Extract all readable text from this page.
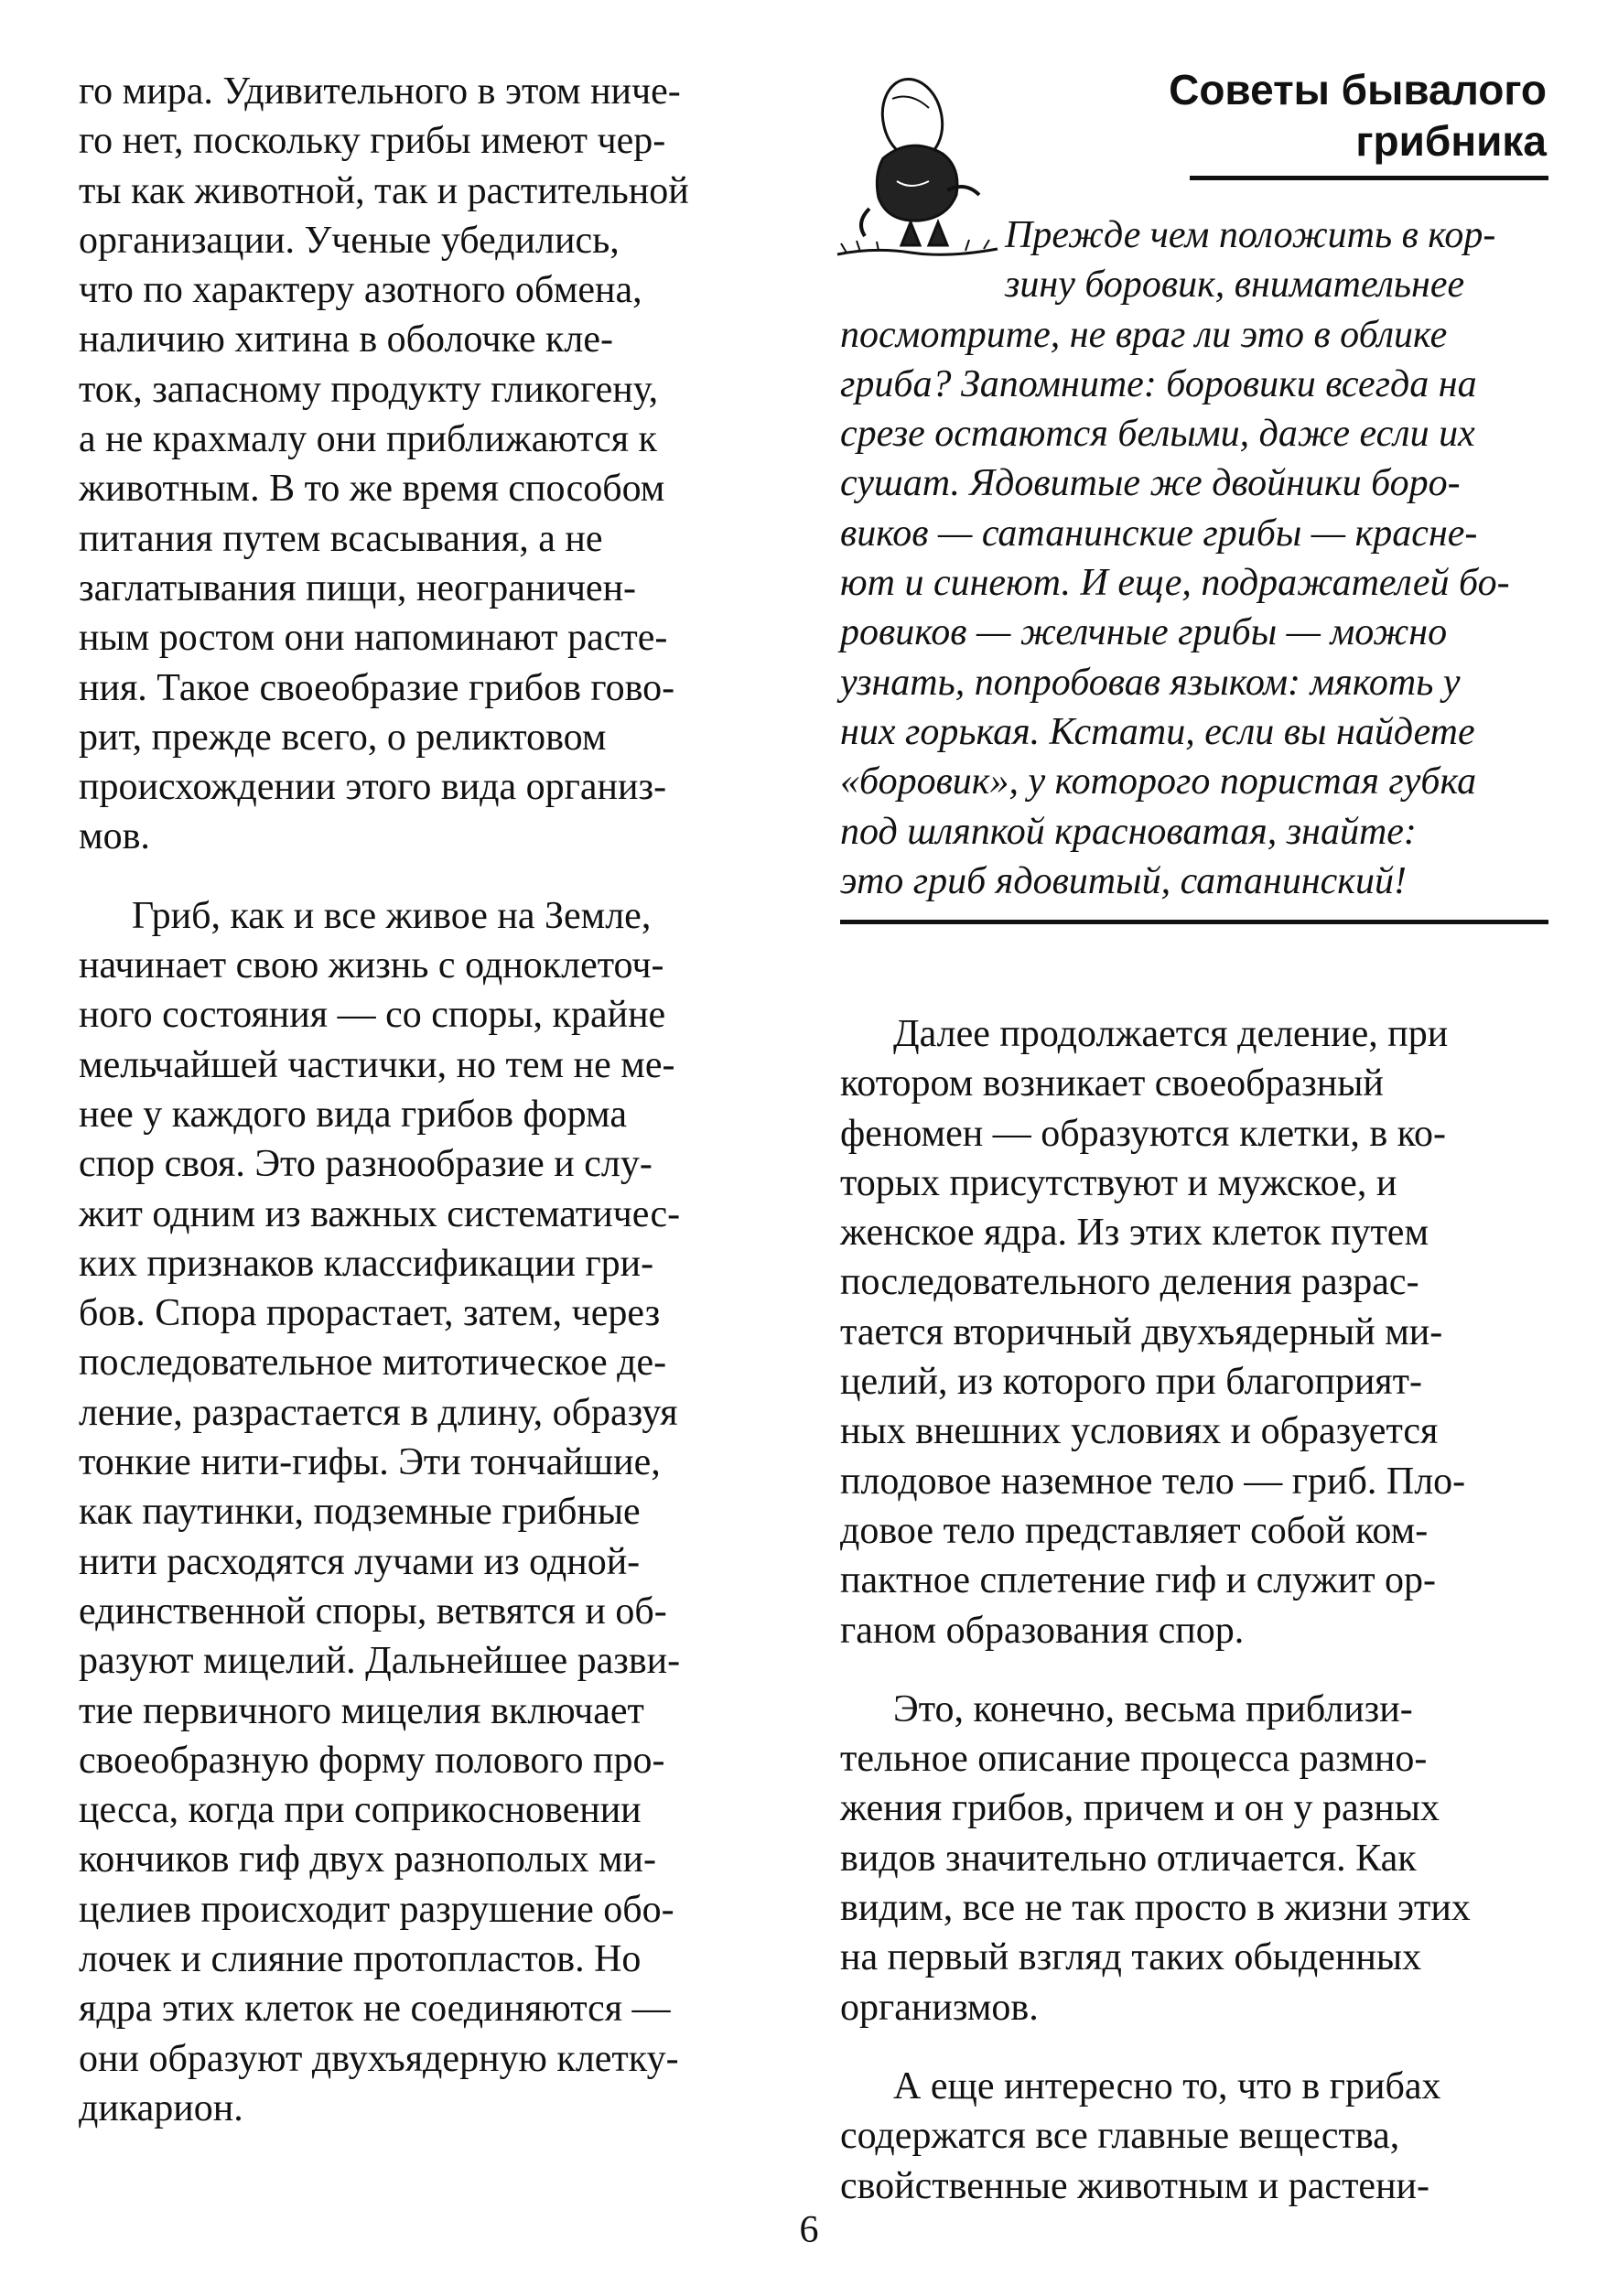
го мира. Удивительного в этом ниче-
го нет, поскольку грибы имеют чер-
ты как животной, так и растительной
организации. Ученые убедились,
что по характеру азотного обмена,
наличию хитина в оболочке кле-
ток, запасному продукту гликогену,
а не крахмалу они приближаются к
животным. В то же время способом
питания путем всасывания, а не
заглатывания пищи, неограничен-
ным ростом они напоминают расте-
ния. Такое своеобразие грибов гово-
рит, прежде всего, о реликтовом
происхождении этого вида организ-
мов.
Гриб, как и все живое на Земле,
начинает свою жизнь с одноклеточ-
ного состояния — со споры, крайне
мельчайшей частички, но тем не ме-
нее у каждого вида грибов форма
спор своя. Это разнообразие и слу-
жит одним из важных систематичес-
ких признаков классификации гри-
бов. Спора прорастает, затем, через
последовательное митотическое де-
ление, разрастается в длину, образуя
тонкие нити-гифы. Эти тончайшие,
как паутинки, подземные грибные
нити расходятся лучами из одной-
единственной споры, ветвятся и об-
разуют мицелий. Дальнейшее разви-
тие первичного мицелия включает
своеобразную форму полового про-
цесса, когда при соприкосновении
кончиков гиф двух разнополых ми-
целиев происходит разрушение обо-
лочек и слияние протопластов. Но
ядра этих клеток не соединяются —
они образуют двухъядерную клетку-
дикарион.
Советы бывалого
грибника
Прежде чем положить в кор-
зину боровик, внимательнее
посмотрите, не враг ли это в облике
гриба? Запомните: боровики всегда на
срезе остаются белыми, даже если их
сушат. Ядовитые же двойники боро-
виков — сатанинские грибы — красне-
ют и синеют. И еще, подражателей бо-
ровиков — желчные грибы — можно
узнать, попробовав языком: мякоть у
них горькая. Кстати, если вы найдете
«боровик», у которого пористая губка
под шляпкой красноватая, знайте:
это гриб ядовитый, сатанинский!
Далее продолжается деление, при
котором возникает своеобразный
феномен — образуются клетки, в ко-
торых присутствуют и мужское, и
женское ядра. Из этих клеток путем
последовательного деления разрас-
тается вторичный двухъядерный ми-
целий, из которого при благоприят-
ных внешних условиях и образуется
плодовое наземное тело — гриб. Пло-
довое тело представляет собой ком-
пактное сплетение гиф и служит ор-
ганом образования спор.
Это, конечно, весьма приблизи-
тельное описание процесса размно-
жения грибов, причем и он у разных
видов значительно отличается. Как
видим, все не так просто в жизни этих
на первый взгляд таких обыденных
организмов.
А еще интересно то, что в грибах
содержатся все главные вещества,
свойственные животным и растени-
6
